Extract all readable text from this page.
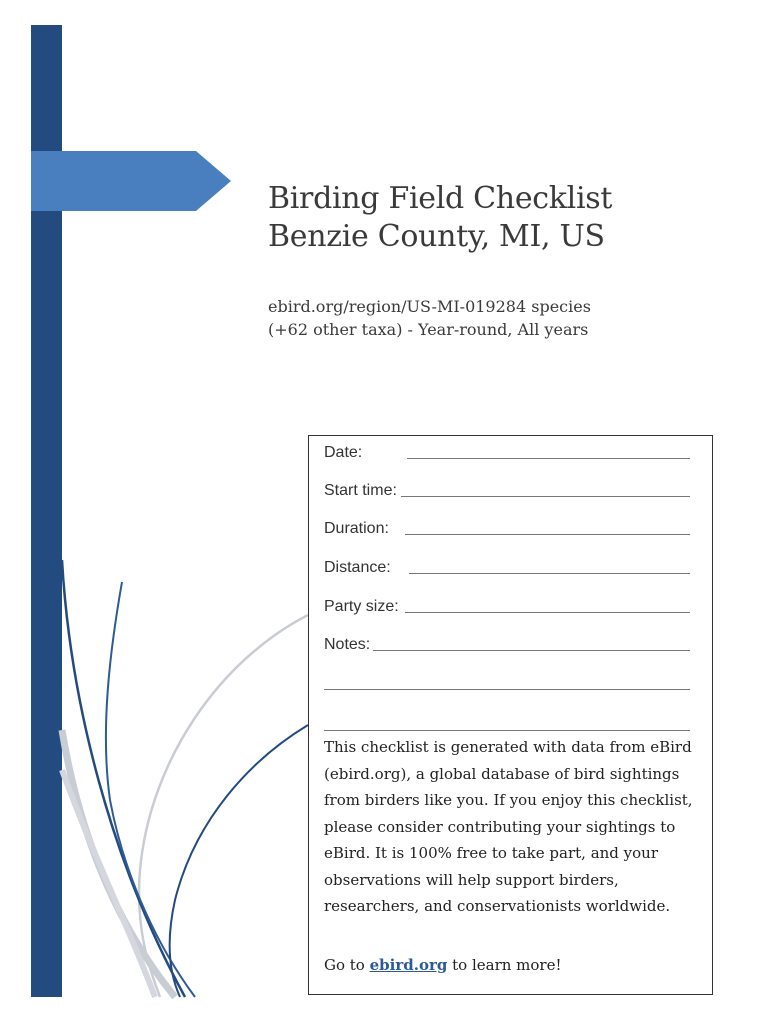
Birding Field Checklist
Benzie County, MI, US
ebird.org/region/US-MI-019284 species
(+62 other taxa) - Year-round, All years
Date:
Start time:
Duration:
Distance:
Party size:
Notes:
This checklist is generated with data from eBird (ebird.org), a global database of bird sightings from birders like you. If you enjoy this checklist, please consider contributing your sightings to eBird. It is 100% free to take part, and your observations will help support birders, researchers, and conservationists worldwide.
Go to ebird.org to learn more!
